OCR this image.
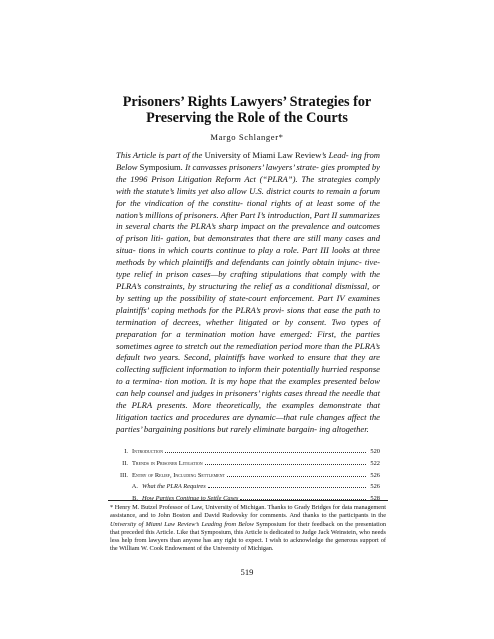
Prisoners’ Rights Lawyers’ Strategies for
Preserving the Role of the Courts
Margo Schlanger*
This Article is part of the University of Miami Law Review’s Lead- ing from Below Symposium. It canvasses prisoners’ lawyers’ strate- gies prompted by the 1996 Prison Litigation Reform Act (“PLRA”). The strategies comply with the statute’s limits yet also allow U.S. district courts to remain a forum for the vindication of the constitu- tional rights of at least some of the nation’s millions of prisoners. After Part I’s introduction, Part II summarizes in several charts the PLRA’s sharp impact on the prevalence and outcomes of prison liti- gation, but demonstrates that there are still many cases and situa- tions in which courts continue to play a role. Part III looks at three methods by which plaintiffs and defendants can jointly obtain injunc- tive-type relief in prison cases—by crafting stipulations that comply with the PLRA’s constraints, by structuring the relief as a conditional dismissal, or by setting up the possibility of state-court enforcement. Part IV examines plaintiffs’ coping methods for the PLRA’s provi- sions that ease the path to termination of decrees, whether litigated or by consent. Two types of preparation for a termination motion have emerged: First, the parties sometimes agree to stretch out the remediation period more than the PLRA’s default two years. Second, plaintiffs have worked to ensure that they are collecting sufficient information to inform their potentially hurried response to a termina- tion motion. It is my hope that the examples presented below can help counsel and judges in prisoners’ rights cases thread the needle that the PLRA presents. More theoretically, the examples demonstrate that litigation tactics and procedures are dynamic—that rule changes affect the parties’ bargaining positions but rarely eliminate bargain- ing altogether.
I. Introduction	520
II. Trends in Prisoner Litigation	522
III. Entry of Relief, Including Settlement	526
A. What the PLRA Requires	526
B. How Parties Continue to Settle Cases	528
* Henry M. Butzel Professor of Law, University of Michigan. Thanks to Grady Bridges for data management assistance, and to John Boston and David Rudovsky for comments. And thanks to the participants in the University of Miami Law Review’s Leading from Below Symposium for their feedback on the presentation that preceded this Article. Like that Symposium, this Article is dedicated to Judge Jack Weinstein, who needs less help from lawyers than anyone has any right to expect. I wish to acknowledge the generous support of the William W. Cook Endowment of the University of Michigan.
519
